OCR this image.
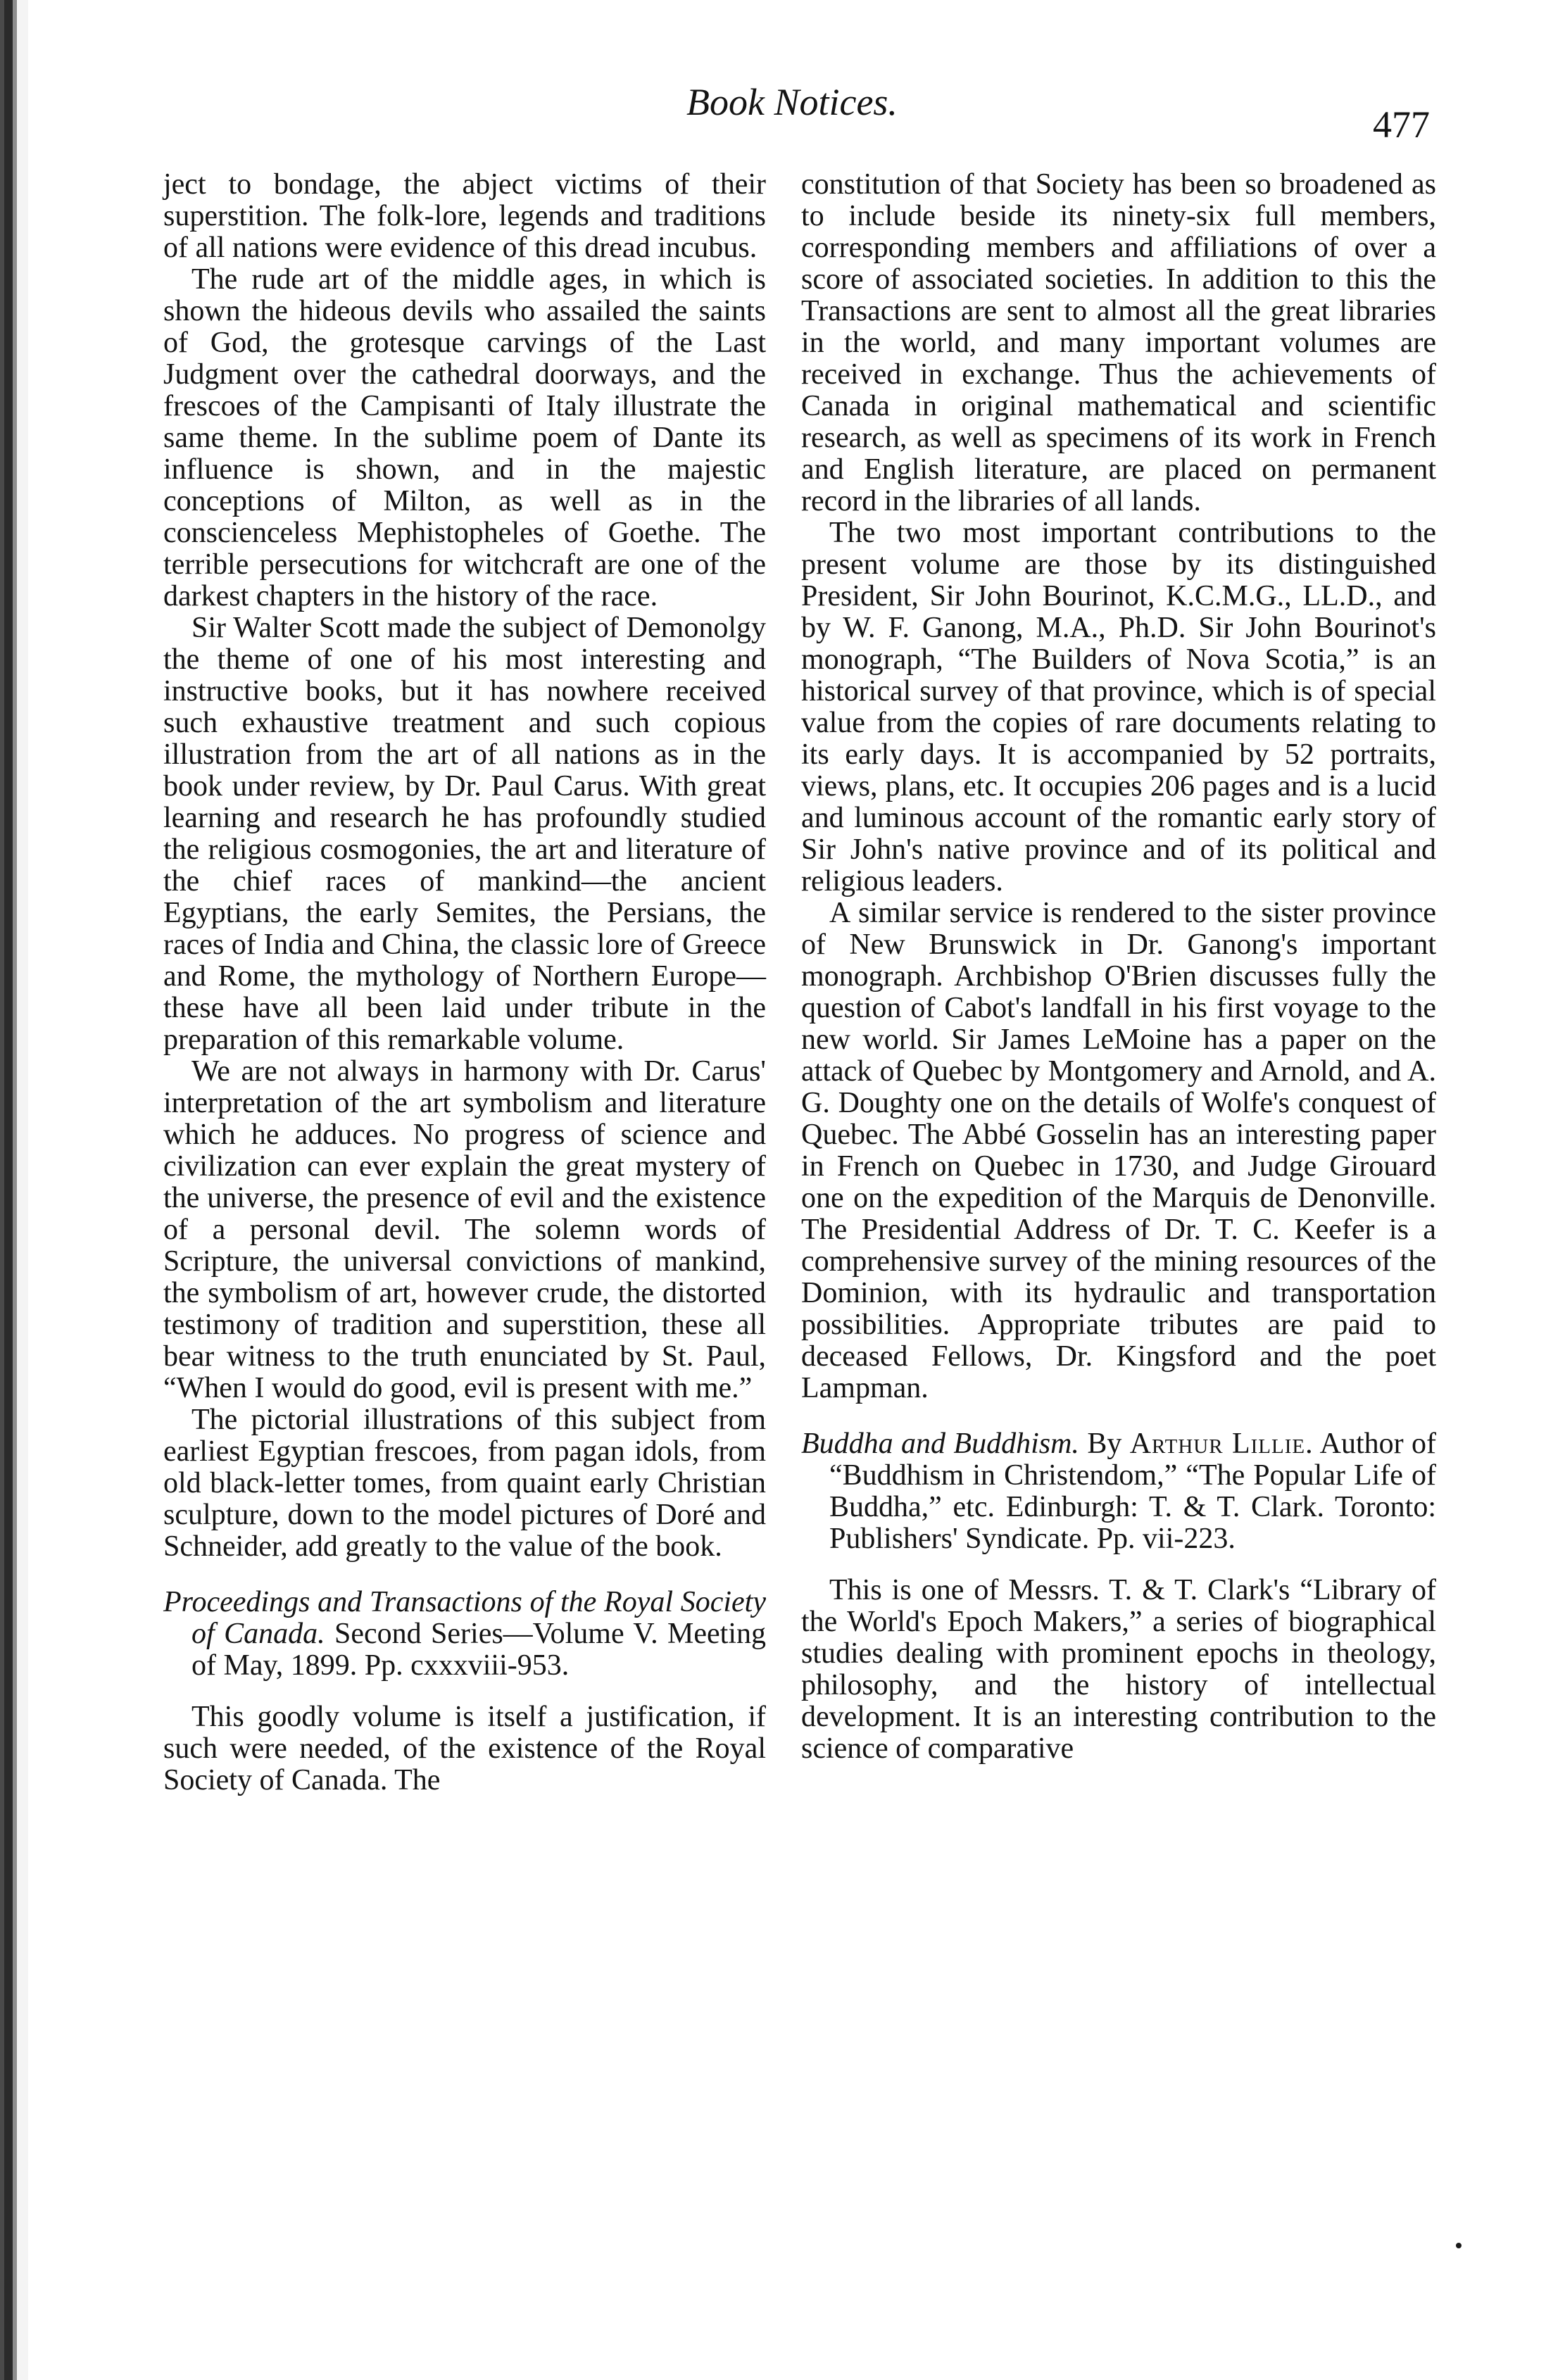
Book Notices.
477

ject to bondage, the abject victims of their superstition. The folk-lore, legends and traditions of all nations were evidence of this dread incubus.

The rude art of the middle ages, in which is shown the hideous devils who assailed the saints of God, the grotesque carvings of the Last Judgment over the cathedral doorways, and the frescoes of the Campisanti of Italy illustrate the same theme. In the sublime poem of Dante its influence is shown, and in the majestic conceptions of Milton, as well as in the conscienceless Mephistopheles of Goethe. The terrible persecutions for witchcraft are one of the darkest chapters in the history of the race.

Sir Walter Scott made the subject of Demonolgy the theme of one of his most interesting and instructive books, but it has nowhere received such exhaustive treatment and such copious illustration from the art of all nations as in the book under review, by Dr. Paul Carus. With great learning and research he has profoundly studied the religious cosmogonies, the art and literature of the chief races of mankind—the ancient Egyptians, the early Semites, the Persians, the races of India and China, the classic lore of Greece and Rome, the mythology of Northern Europe—these have all been laid under tribute in the preparation of this remarkable volume.

We are not always in harmony with Dr. Carus' interpretation of the art symbolism and literature which he adduces. No progress of science and civilization can ever explain the great mystery of the universe, the presence of evil and the existence of a personal devil. The solemn words of Scripture, the universal convictions of mankind, the symbolism of art, however crude, the distorted testimony of tradition and superstition, these all bear witness to the truth enunciated by St. Paul, “When I would do good, evil is present with me.”

The pictorial illustrations of this subject from earliest Egyptian frescoes, from pagan idols, from old black-letter tomes, from quaint early Christian sculpture, down to the model pictures of Doré and Schneider, add greatly to the value of the book.

Proceedings and Transactions of the Royal Society of Canada. Second Series—Volume V. Meeting of May, 1899. Pp. cxxxviii-953.

This goodly volume is itself a justification, if such were needed, of the existence of the Royal Society of Canada. The

constitution of that Society has been so broadened as to include beside its ninety-six full members, corresponding members and affiliations of over a score of associated societies. In addition to this the Transactions are sent to almost all the great libraries in the world, and many important volumes are received in exchange. Thus the achievements of Canada in original mathematical and scientific research, as well as specimens of its work in French and English literature, are placed on permanent record in the libraries of all lands.

The two most important contributions to the present volume are those by its distinguished President, Sir John Bourinot, K.C.M.G., LL.D., and by W. F. Ganong, M.A., Ph.D. Sir John Bourinot's monograph, “The Builders of Nova Scotia,” is an historical survey of that province, which is of special value from the copies of rare documents relating to its early days. It is accompanied by 52 portraits, views, plans, etc. It occupies 206 pages and is a lucid and luminous account of the romantic early story of Sir John's native province and of its political and religious leaders.

A similar service is rendered to the sister province of New Brunswick in Dr. Ganong's important monograph. Archbishop O'Brien discusses fully the question of Cabot's landfall in his first voyage to the new world. Sir James LeMoine has a paper on the attack of Quebec by Montgomery and Arnold, and A. G. Doughty one on the details of Wolfe's conquest of Quebec. The Abbé Gosselin has an interesting paper in French on Quebec in 1730, and Judge Girouard one on the expedition of the Marquis de Denonville. The Presidential Address of Dr. T. C. Keefer is a comprehensive survey of the mining resources of the Dominion, with its hydraulic and transportation possibilities. Appropriate tributes are paid to deceased Fellows, Dr. Kingsford and the poet Lampman.

Buddha and Buddhism. By Arthur Lillie. Author of “Buddhism in Christendom,” “The Popular Life of Buddha,” etc. Edinburgh: T. & T. Clark. Toronto: Publishers' Syndicate. Pp. vii-223.

This is one of Messrs. T. & T. Clark's “Library of the World's Epoch Makers,” a series of biographical studies dealing with prominent epochs in theology, philosophy, and the history of intellectual development. It is an interesting contribution to the science of comparative
